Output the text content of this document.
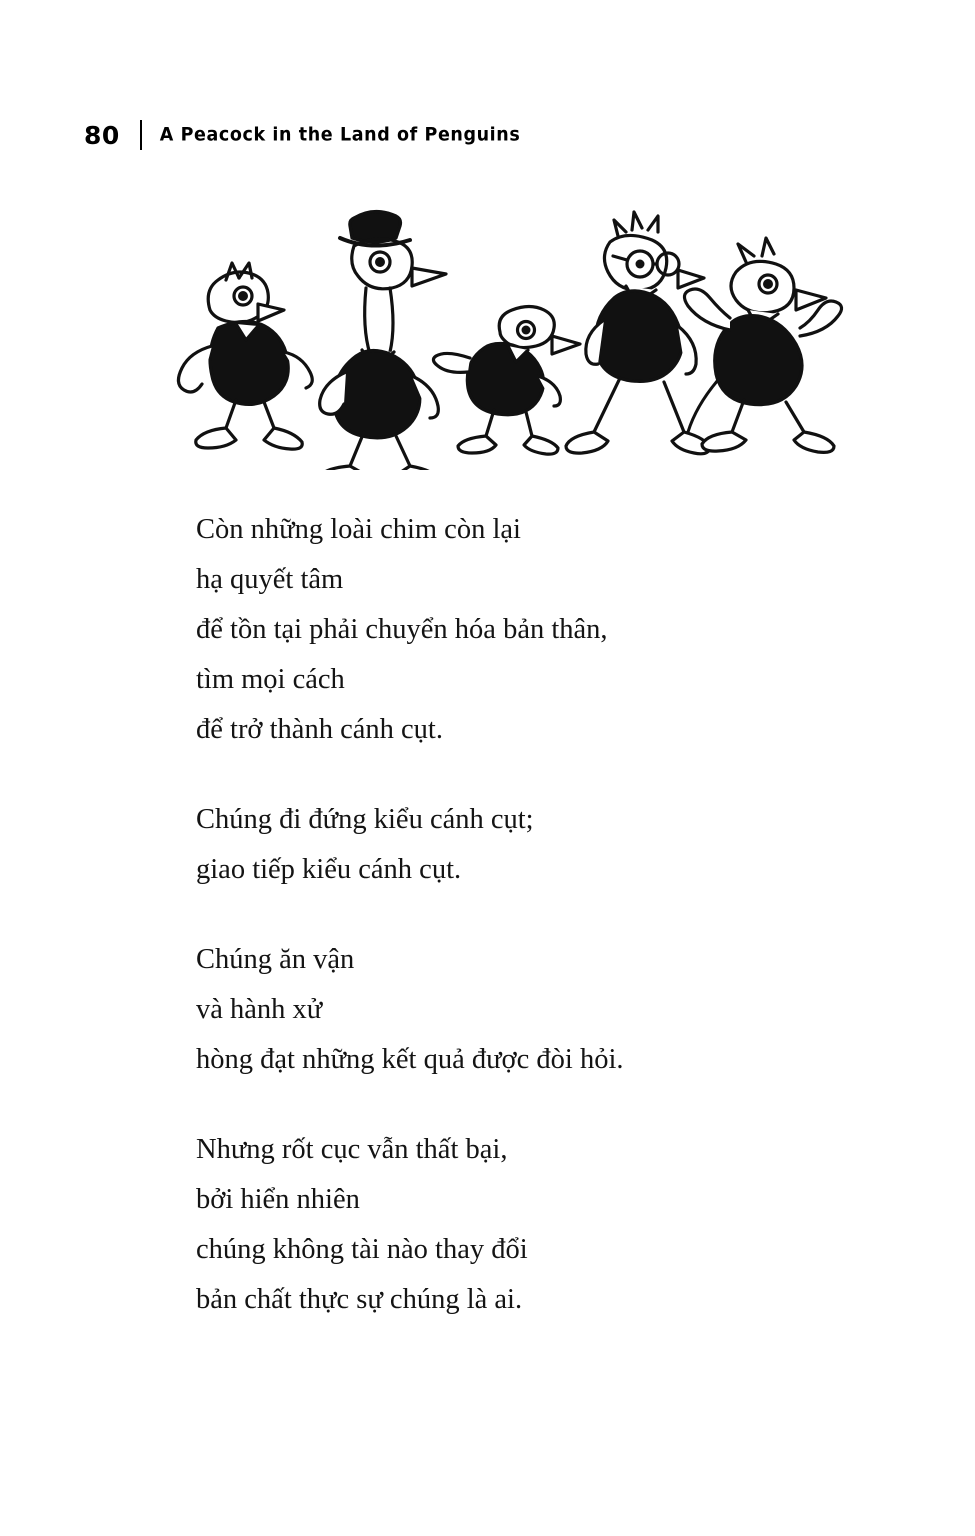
80 A Peacock in the Land of Penguins

Còn những loài chim còn lại
hạ quyết tâm
để tồn tại phải chuyển hóa bản thân,
tìm mọi cách
để trở thành cánh cụt.

Chúng đi đứng kiểu cánh cụt;
giao tiếp kiểu cánh cụt.

Chúng ăn vận
và hành xử
hòng đạt những kết quả được đòi hỏi.

Nhưng rốt cục vẫn thất bại,
bởi hiển nhiên
chúng không tài nào thay đổi
bản chất thực sự chúng là ai.
